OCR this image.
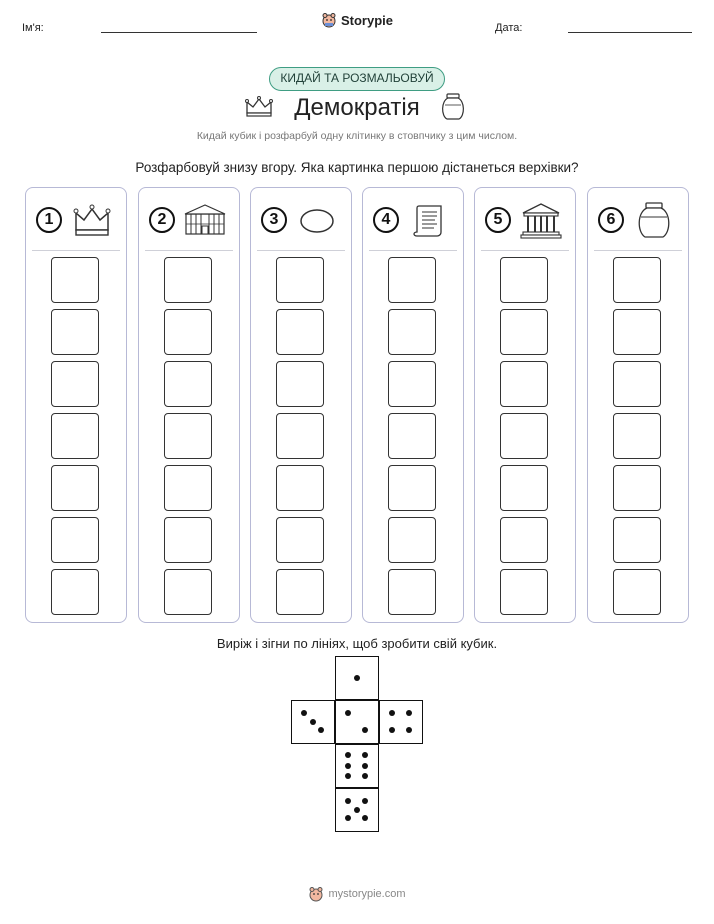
Ім'я:	Дата:
Storypie
КИДАЙ ТА РОЗМАЛЬОВУЙ
Демократія
Кидай кубик і розфарбуй одну клітинку в стовпчику з цим числом.
Розфарбовуй знизу вгору. Яка картинка першою дістанеться верхівки?
1	2	3	4	5	6
Виріж і зігни по лініях, щоб зробити свій кубик.
mystorypie.com
